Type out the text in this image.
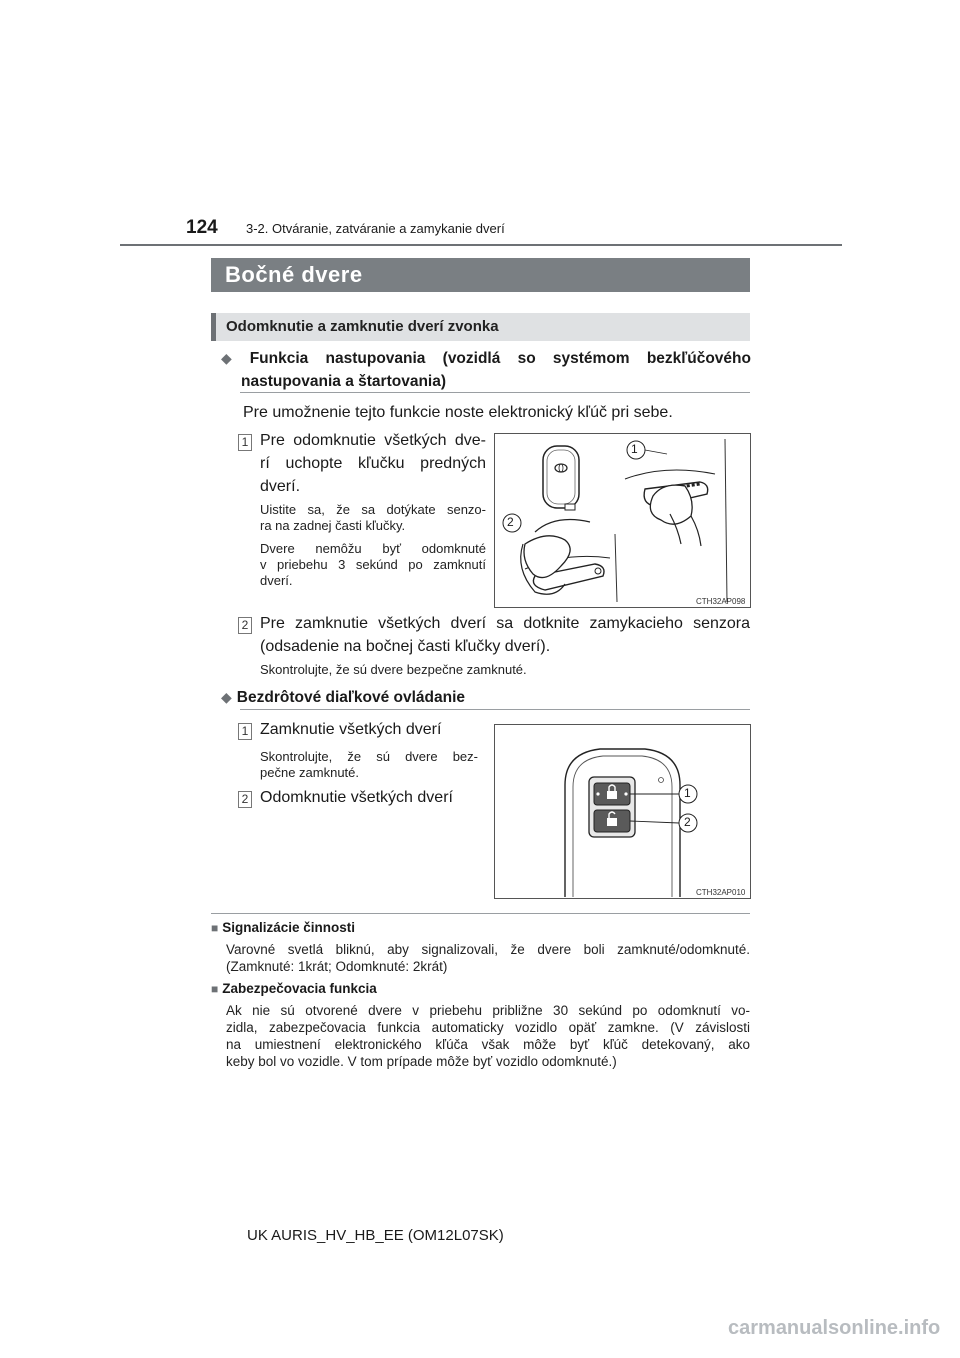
124 3-2. Otváranie, zatváranie a zamykanie dverí
Bočné dvere
Odomknutie a zamknutie dverí zvonka
◆ Funkcia nastupovania (vozidlá so systémom bezkľúčového
nastupovania a štartovania)
Pre umožnenie tejto funkcie noste elektronický kľúč pri sebe.
1 Pre odomknutie všetkých dve-
rí uchopte kľučku predných
dverí.
Uistite sa, že sa dotýkate senzo-
ra na zadnej časti kľučky.
Dvere nemôžu byť odomknuté
v priebehu 3 sekúnd po zamknutí
dverí.
1
2
CTH32AP098
2 Pre zamknutie všetkých dverí sa dotknite zamykacieho senzora
(odsadenie na bočnej časti kľučky dverí).
Skontrolujte, že sú dvere bezpečne zamknuté.
◆ Bezdrôtové diaľkové ovládanie
1 Zamknutie všetkých dverí
Skontrolujte, že sú dvere bez-
pečne zamknuté.
2 Odomknutie všetkých dverí	1
2
CTH32AP010
■ Signalizácie činnosti
Varovné svetlá bliknú, aby signalizovali, že dvere boli zamknuté/odomknuté.
(Zamknuté: 1krát; Odomknuté: 2krát)
■ Zabezpečovacia funkcia
Ak nie sú otvorené dvere v priebehu približne 30 sekúnd po odomknutí vo-
zidla, zabezpečovacia funkcia automaticky vozidlo opäť zamkne. (V závislosti
na umiestnení elektronického kľúča však môže byť kľúč detekovaný, ako
keby bol vo vozidle. V tom prípade môže byť vozidlo odomknuté.)
UK AURIS_HV_HB_EE (OM12L07SK)
carmanualsonline.info
